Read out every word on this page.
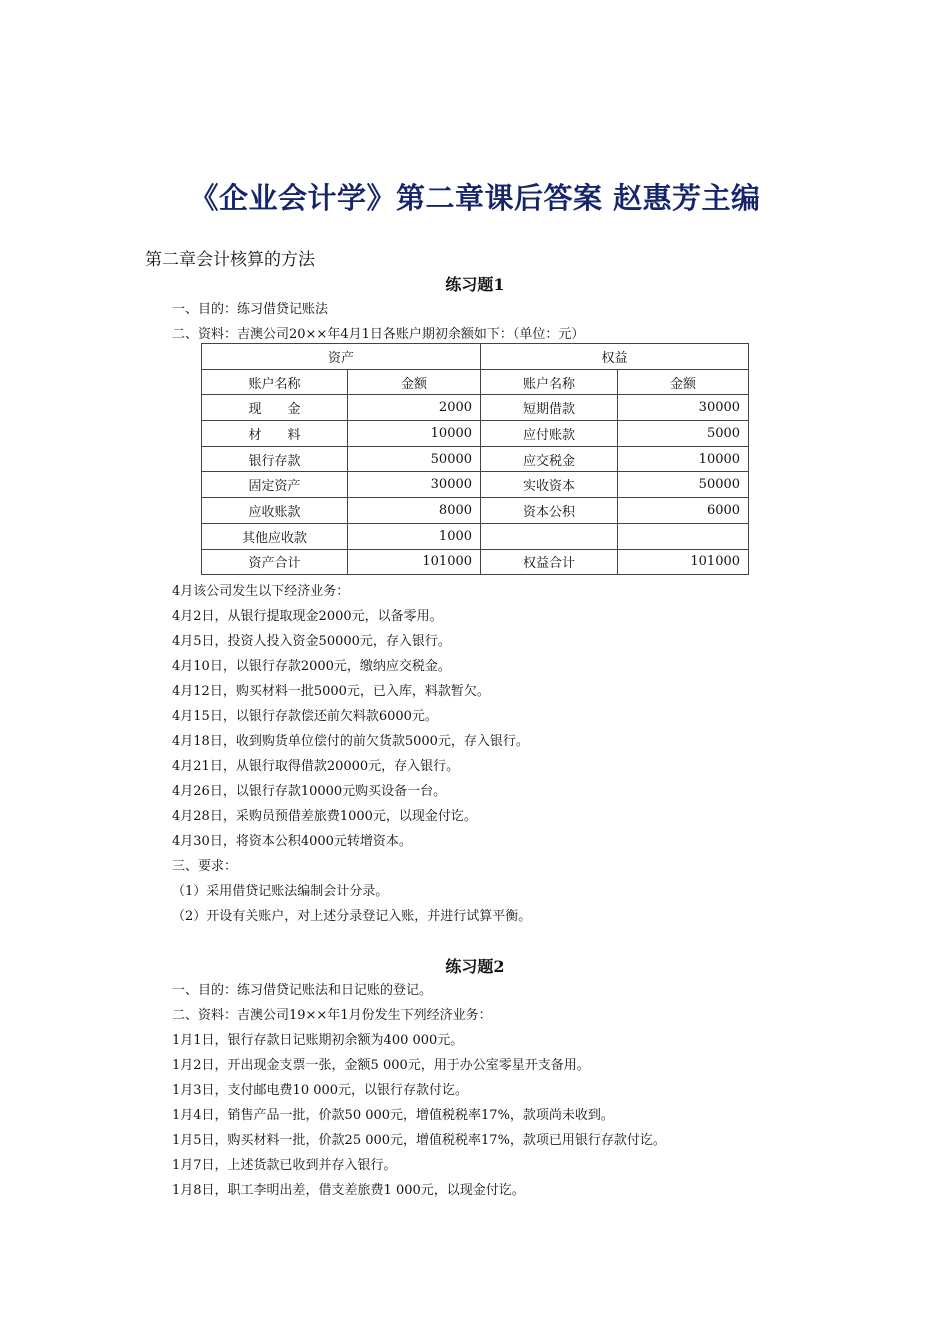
《企业会计学》第二章课后答案 赵惠芳主编
第二章会计核算的方法
练习题1
一、目的：练习借贷记账法
二、资料：吉澳公司20××年4月1日各账户期初余额如下：（单位：元）
资产		权益	
账户名称	金额	账户名称	金额
现　　金	2000	短期借款	30000
材　　料	10000	应付账款	5000
银行存款	50000	应交税金	10000
固定资产	30000	实收资本	50000
应收账款	8000	资本公积	6000
其他应收款	1000		
资产合计	101000	权益合计	101000
4月该公司发生以下经济业务：
4月2日，从银行提取现金2000元，以备零用。
4月5日，投资人投入资金50000元，存入银行。
4月10日，以银行存款2000元，缴纳应交税金。
4月12日，购买材料一批5000元，已入库，料款暂欠。
4月15日，以银行存款偿还前欠料款6000元。
4月18日，收到购货单位偿付的前欠货款5000元，存入银行。
4月21日，从银行取得借款20000元，存入银行。
4月26日，以银行存款10000元购买设备一台。
4月28日，采购员预借差旅费1000元，以现金付讫。
4月30日，将资本公积4000元转增资本。
三、要求：
（1）采用借贷记账法编制会计分录。
（2）开设有关账户，对上述分录登记入账，并进行试算平衡。
练习题2
一、目的：练习借贷记账法和日记账的登记。
二、资料：吉澳公司19××年1月份发生下列经济业务：
1月1日，银行存款日记账期初余额为400 000元。
1月2日，开出现金支票一张，金额5 000元，用于办公室零星开支备用。
1月3日，支付邮电费10 000元，以银行存款付讫。
1月4日，销售产品一批，价款50 000元，增值税税率17%，款项尚未收到。
1月5日，购买材料一批，价款25 000元，增值税税率17%，款项已用银行存款付讫。
1月7日，上述货款已收到并存入银行。
1月8日，职工李明出差，借支差旅费1 000元，以现金付讫。
